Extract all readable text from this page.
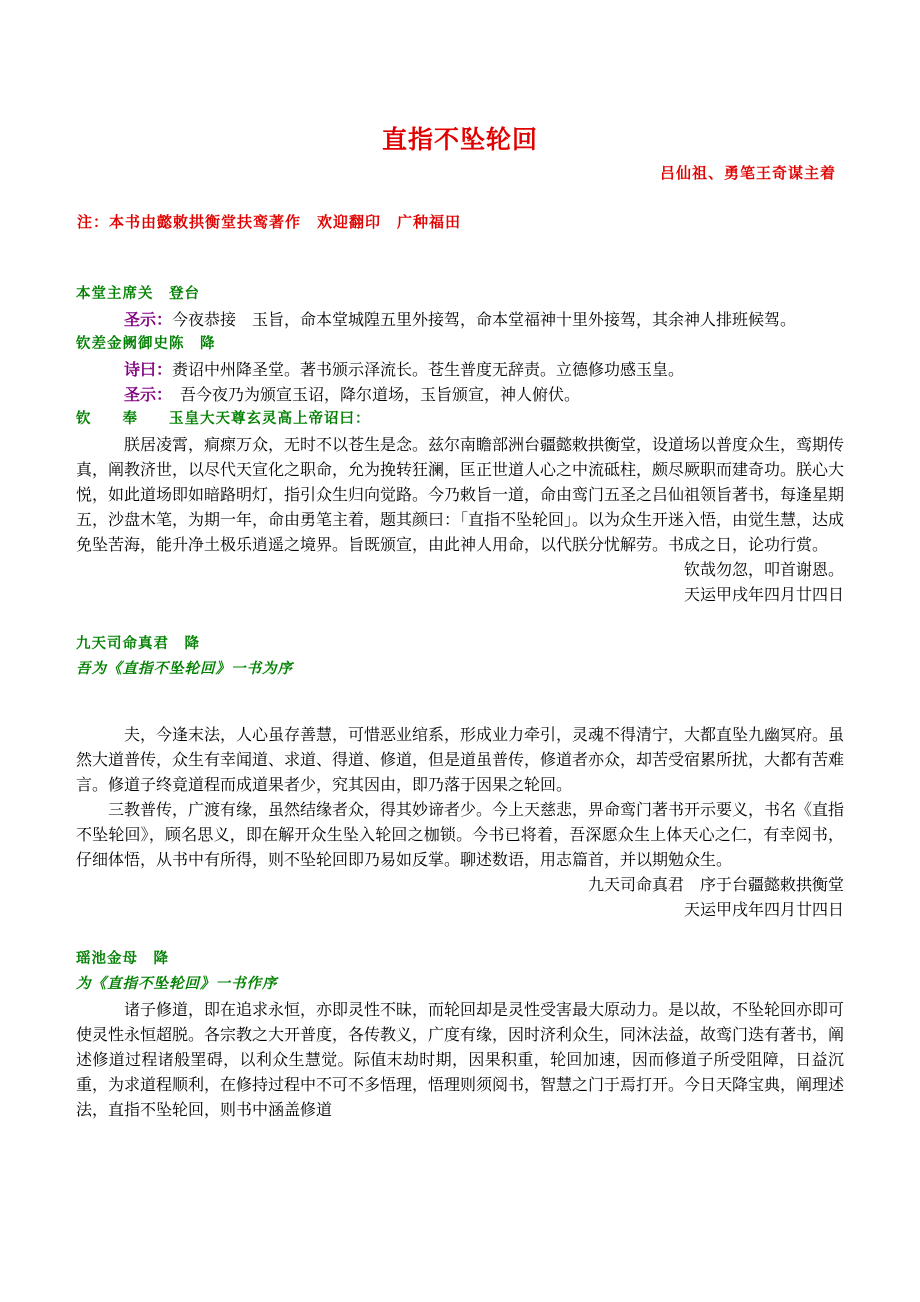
直指不坠轮回
吕仙祖、勇笔王奇谋主着
注：本书由懿敕拱衡堂扶鸾著作　欢迎翻印　广种福田
本堂主席关　登台

圣示：今夜恭接　玉旨，命本堂城隍五里外接驾，命本堂福神十里外接驾，其余神人排班候驾。

钦差金阙御史陈　降

诗曰：赉诏中州降圣堂。著书颁示泽流长。苍生普度无辞责。立德修功感玉皇。

圣示：　吾今夜乃为颁宣玉诏，降尔道场，玉旨颁宣，神人俯伏。

钦　　奉　　玉皇大天尊玄灵高上帝诏曰：

朕居凌霄，痌瘝万众，无时不以苍生是念。兹尔南瞻部洲台疆懿敕拱衡堂，设道场以普度众生，鸾期传真，阐教济世，以尽代天宣化之职命，允为挽转狂澜，匡正世道人心之中流砥柱，颇尽厥职而建奇功。朕心大悦，如此道场即如暗路明灯，指引众生归向觉路。今乃敕旨一道，命由鸾门五圣之吕仙祖领旨著书，每逢星期五，沙盘木笔，为期一年，命由勇笔主着，题其颜曰：「直指不坠轮回」。以为众生开迷入悟，由觉生慧，达成免坠苦海，能升净土极乐逍遥之境界。旨既颁宣，由此神人用命，以代朕分忧解劳。书成之日，论功行赏。

钦哉勿忽，叩首谢恩。
天运甲戌年四月廿四日
九天司命真君　降
吾为《直指不坠轮回》一书为序

夫，今逢末法，人心虽存善慧，可惜恶业绾系，形成业力牵引，灵魂不得清宁，大都直坠九幽冥府。虽然大道普传，众生有幸闻道、求道、得道、修道，但是道虽普传，修道者亦众，却苦受宿累所扰，大都有苦难言。修道子终竟道程而成道果者少，究其因由，即乃落于因果之轮回。

三教普传，广渡有缘，虽然结缘者众，得其妙谛者少。今上天慈悲，畀命鸾门著书开示要义，书名《直指不坠轮回》，顾名思义，即在解开众生坠入轮回之枷锁。今书已将着，吾深愿众生上体天心之仁，有幸阅书，仔细体悟，从书中有所得，则不坠轮回即乃易如反掌。聊述数语，用志篇首，并以期勉众生。

九天司命真君　序于台疆懿敕拱衡堂
天运甲戌年四月廿四日
瑶池金母　降
为《直指不坠轮回》一书作序

诸子修道，即在追求永恒，亦即灵性不昧，而轮回却是灵性受害最大原动力。是以故，不坠轮回亦即可使灵性永恒超脱。各宗教之大开普度，各传教义，广度有缘，因时济利众生，同沐法益，故鸾门迭有著书，阐述修道过程诸般罣碍，以利众生慧觉。际值末劫时期，因果积重，轮回加速，因而修道子所受阻障，日益沉重，为求道程顺利，在修持过程中不可不多悟理，悟理则须阅书，智慧之门于焉打开。今日天降宝典，阐理述法，直指不坠轮回，则书中涵盖修道
